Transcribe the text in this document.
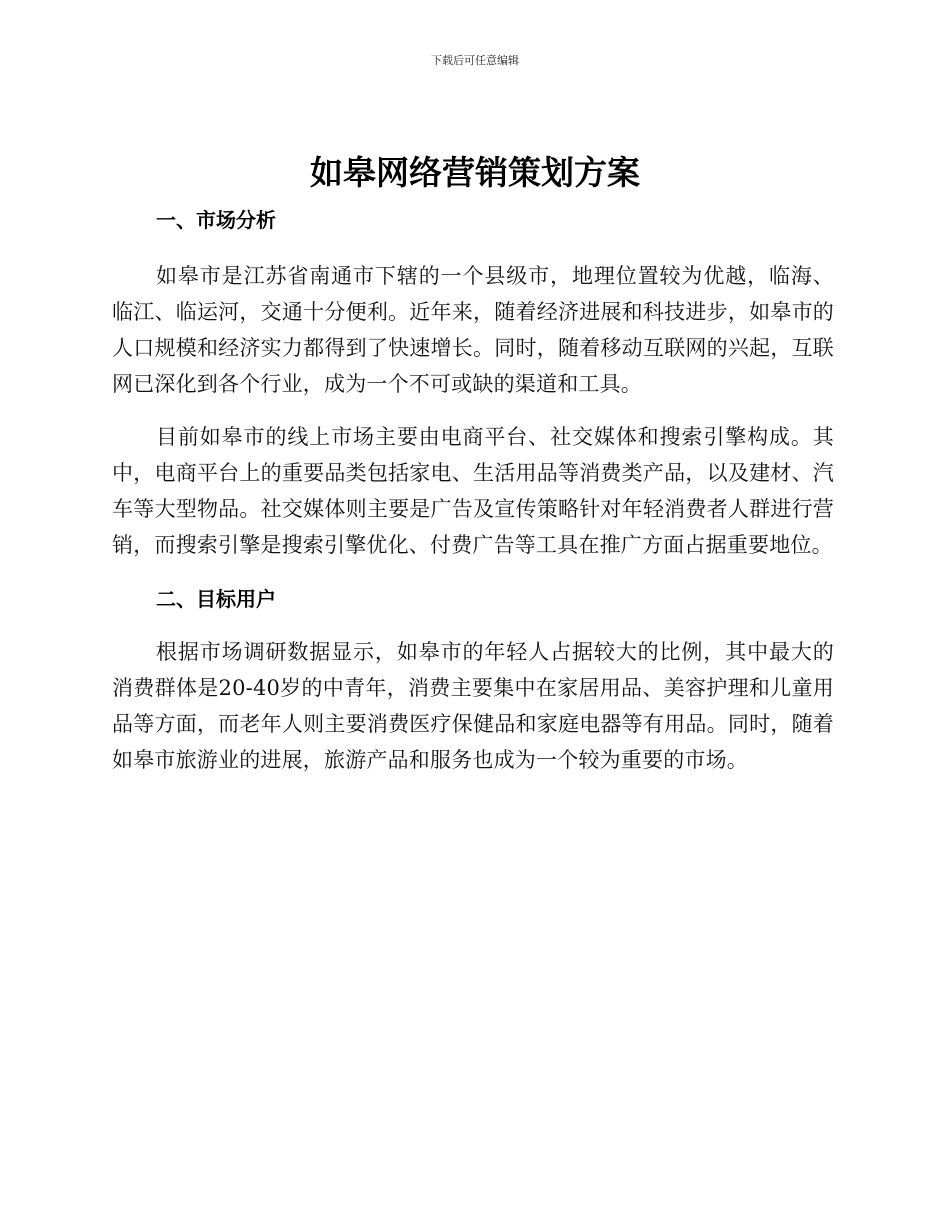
下载后可任意编辑
如皋网络营销策划方案
一、市场分析

如皋市是江苏省南通市下辖的一个县级市，地理位置较为优越，临海、临江、临运河，交通十分便利。近年来，随着经济进展和科技进步，如皋市的人口规模和经济实力都得到了快速增长。同时，随着移动互联网的兴起，互联网已深化到各个行业，成为一个不可或缺的渠道和工具。

目前如皋市的线上市场主要由电商平台、社交媒体和搜索引擎构成。其中，电商平台上的重要品类包括家电、生活用品等消费类产品，以及建材、汽车等大型物品。社交媒体则主要是广告及宣传策略针对年轻消费者人群进行营销，而搜索引擎是搜索引擎优化、付费广告等工具在推广方面占据重要地位。

二、目标用户

根据市场调研数据显示，如皋市的年轻人占据较大的比例，其中最大的消费群体是20-40岁的中青年，消费主要集中在家居用品、美容护理和儿童用品等方面，而老年人则主要消费医疗保健品和家庭电器等有用品。同时，随着如皋市旅游业的进展，旅游产品和服务也成为一个较为重要的市场。
